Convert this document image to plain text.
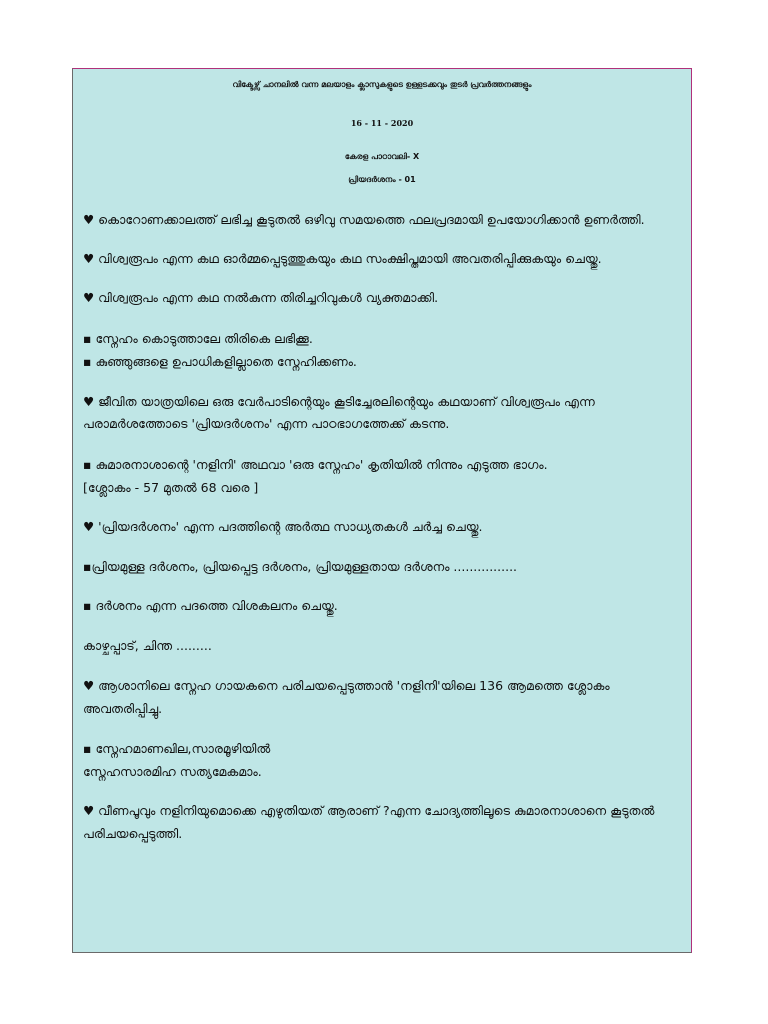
വിക്ടേഴ്സ് ചാനലിൽ വന്ന മലയാളം ക്ലാസുകളുടെ ഉള്ളടക്കവും തുടർ പ്രവർത്തനങ്ങളും
16 - 11 - 2020
കേരള പാഠാവലി- X
പ്രിയദർശനം - 01
♥ കൊറോണക്കാലത്ത് ലഭിച്ച കൂടുതൽ ഒഴിവു സമയത്തെ ഫലപ്രദമായി ഉപയോഗിക്കാൻ ഉണർത്തി.
♥ വിശ്വരൂപം എന്ന കഥ ഓർമ്മപ്പെടുത്തുകയും കഥ സംക്ഷിപ്തമായി അവതരിപ്പിക്കുകയും ചെയ്തു.
♥ വിശ്വരൂപം എന്ന കഥ നൽകുന്ന തിരിച്ചറിവുകൾ വ്യക്തമാക്കി.
▪ സ്നേഹം കൊടുത്താലേ തിരികെ ലഭിക്കൂ.
▪ കുഞ്ഞുങ്ങളെ ഉപാധികളില്ലാതെ സ്നേഹിക്കണം.
♥ ജീവിത യാത്രയിലെ ഒരു വേർപാടിന്റെയും കൂടിച്ചേരലിന്റെയും കഥയാണ് വിശ്വരൂപം എന്ന
പരാമർശത്തോടെ 'പ്രിയദർശനം' എന്ന പാഠഭാഗത്തേക്ക് കടന്നു.
▪ കുമാരനാശാന്റെ 'നളിനി' അഥവാ 'ഒരു സ്നേഹം' കൃതിയിൽ നിന്നും എടുത്ത ഭാഗം.
[ശ്ലോകം - 57 മുതൽ 68 വരെ ]
♥ 'പ്രിയദർശനം' എന്ന പദത്തിന്റെ അർത്ഥ സാധ്യതകൾ ചർച്ച ചെയ്തു.
▪പ്രിയമുള്ള ദർശനം, പ്രിയപ്പെട്ട ദർശനം, പ്രിയമുള്ളതായ ദർശനം ................
▪ ദർശനം എന്ന പദത്തെ വിശകലനം ചെയ്തു.
കാഴ്ചപ്പാട്, ചിന്ത .........
♥ ആശാനിലെ സ്നേഹ ഗായകനെ പരിചയപ്പെടുത്താൻ 'നളിനി'യിലെ 136 ആമത്തെ ശ്ലോകം
അവതരിപ്പിച്ചു.
▪ സ്നേഹമാണഖില,സാരമൂഴിയിൽ
സ്നേഹസാരമിഹ സത്യമേകമാം.
♥ വീണപൂവും നളിനിയുമൊക്കെ എഴുതിയത് ആരാണ് ?എന്ന ചോദ്യത്തിലൂടെ കുമാരനാശാനെ കൂടുതൽ
പരിചയപ്പെടുത്തി.
